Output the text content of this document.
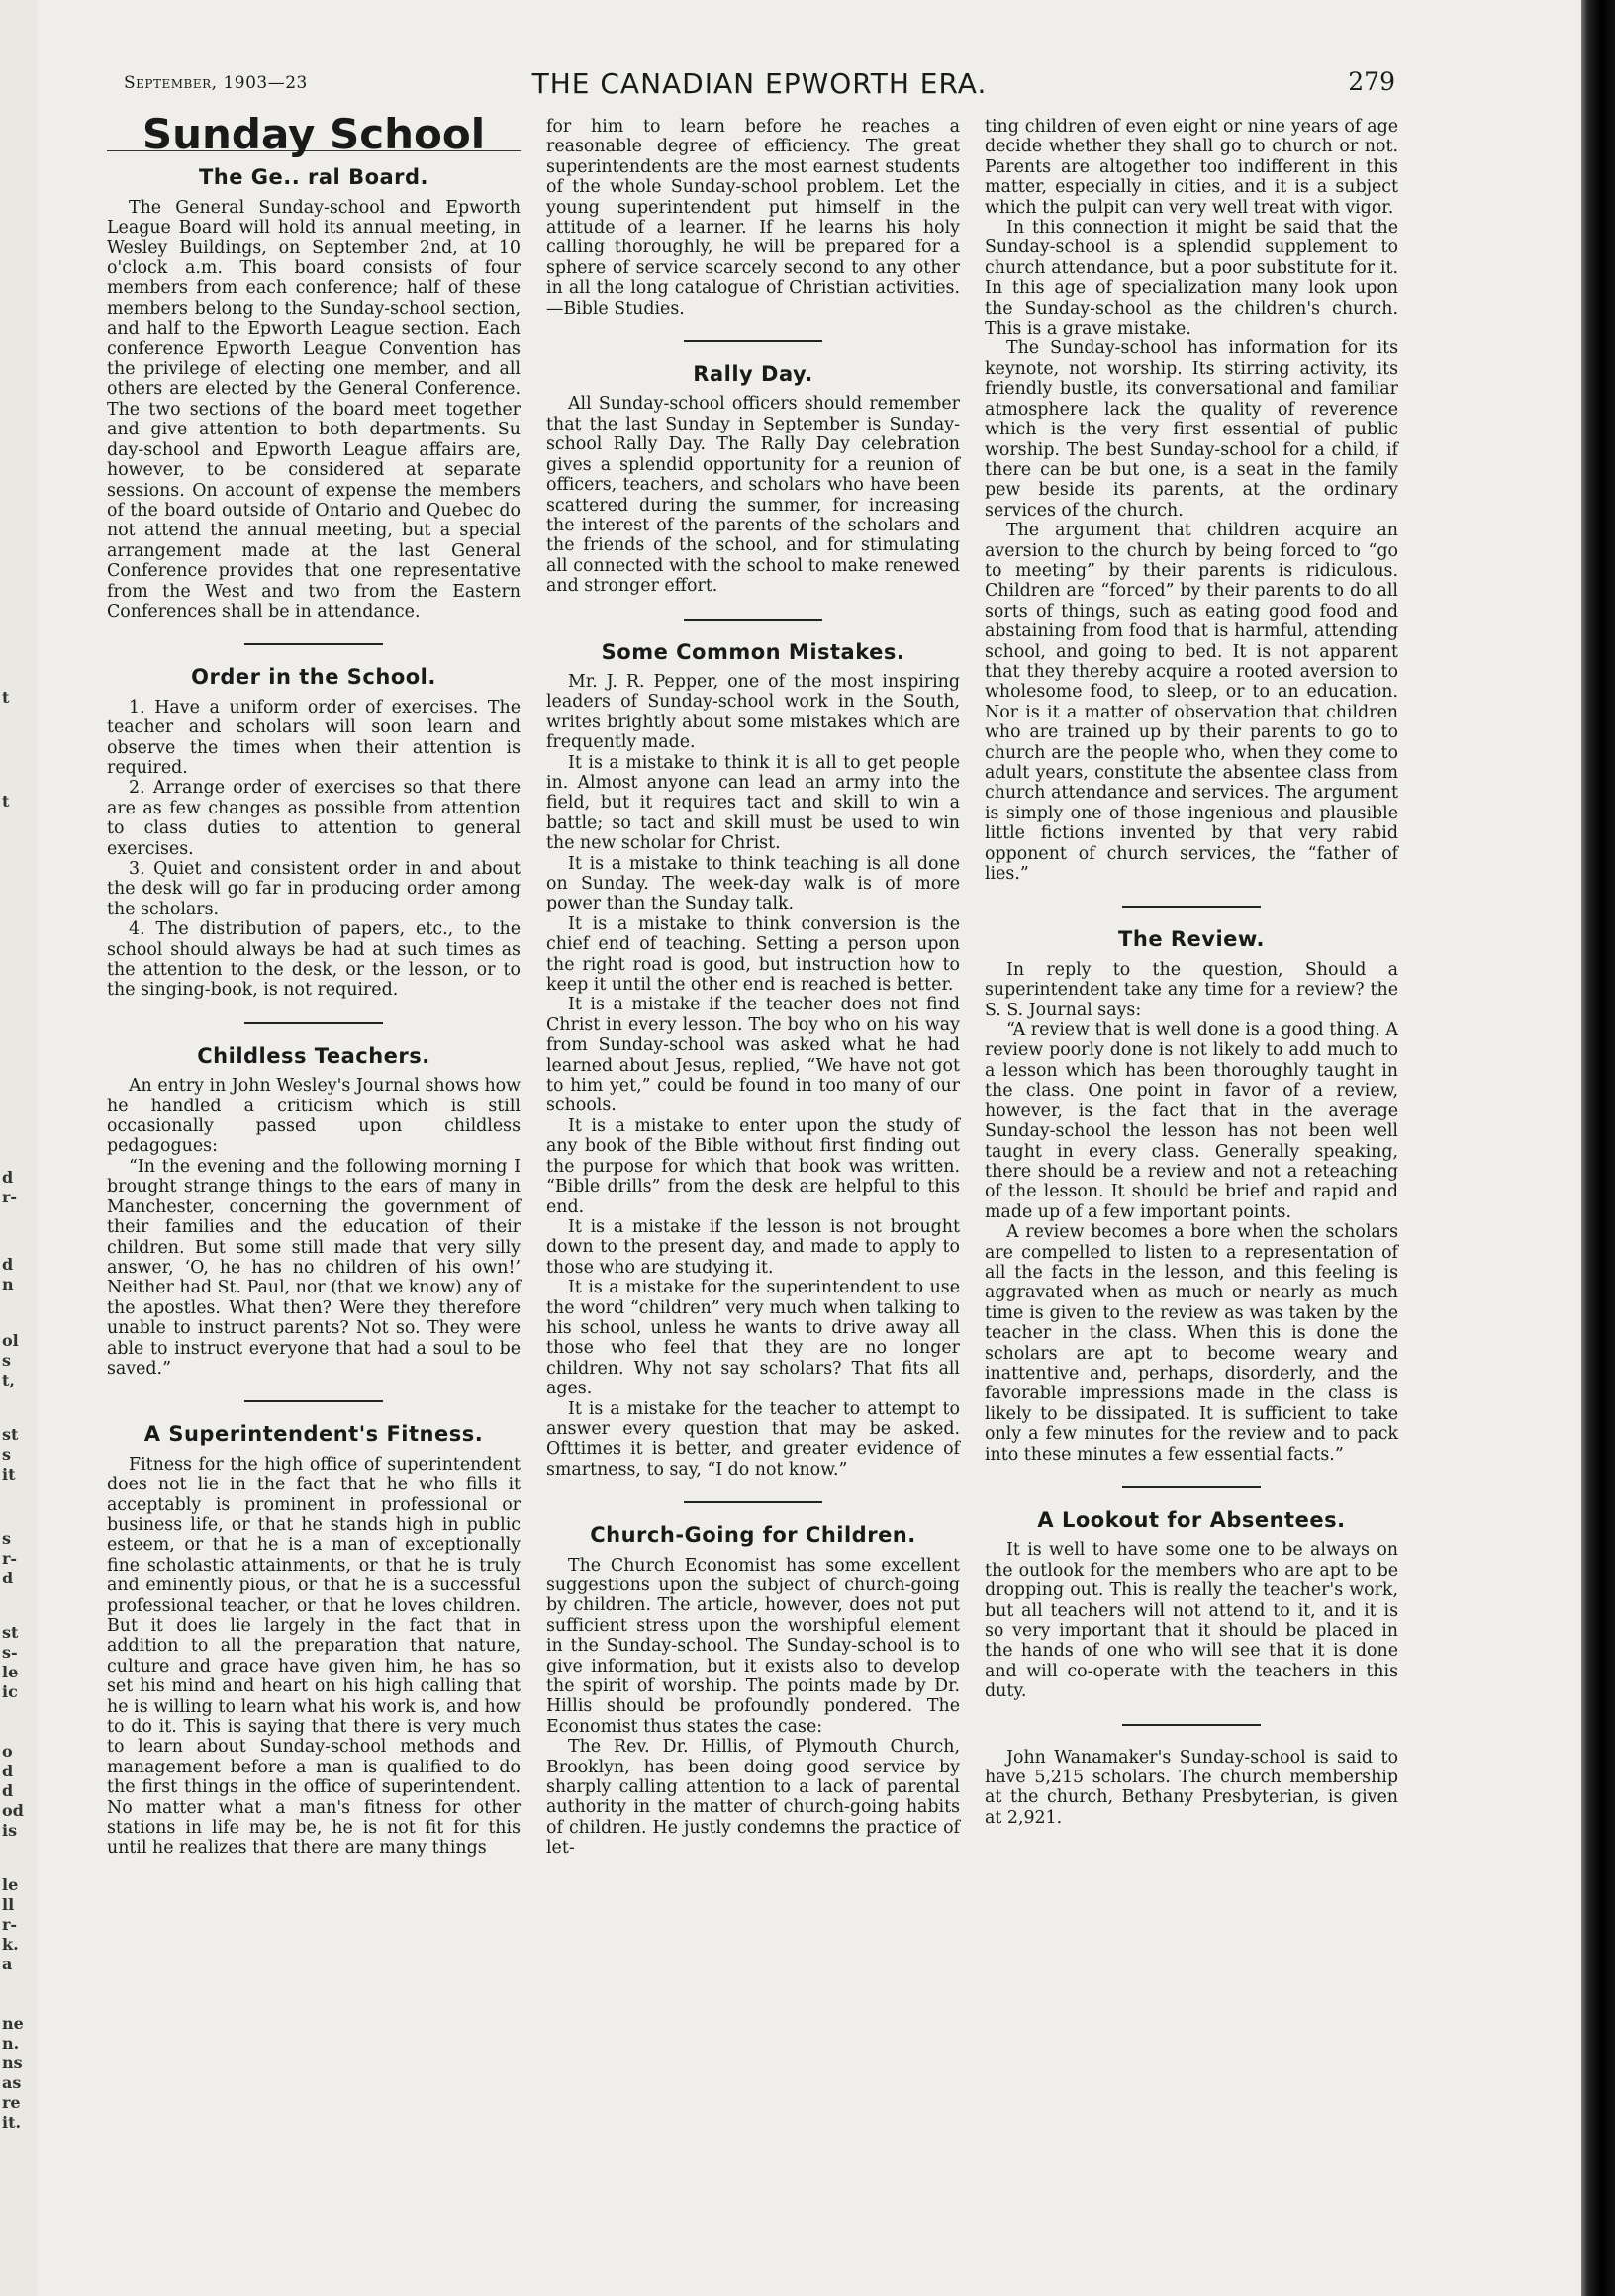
t
t
d
r-
d
n
ol
s
t,
st
s
it
s
r-
d
st
s-
le
ic
o
d
d
od
is
le
ll
r-
k.
a
ne
n.
ns
as
re
it.
September, 1903—23	THE CANADIAN EPWORTH ERA.	279
Sunday School
The Ge.. ral Board.

The General Sunday-school and Epworth League Board will hold its annual meeting, in Wesley Buildings, on September 2nd, at 10 o'clock a.m. This board consists of four members from each conference; half of these members belong to the Sunday-school section, and half to the Epworth League section. Each conference Epworth League Convention has the privilege of electing one member, and all others are elected by the General Conference. The two sections of the board meet together and give attention to both departments. Su day-school and Epworth League affairs are, however, to be considered at separate sessions. On account of expense the members of the board outside of Ontario and Quebec do not attend the annual meeting, but a special arrangement made at the last General Conference provides that one representative from the West and two from the Eastern Conferences shall be in attendance.

Order in the School.

1. Have a uniform order of exercises. The teacher and scholars will soon learn and observe the times when their attention is required.

2. Arrange order of exercises so that there are as few changes as possible from attention to class duties to attention to general exercises.

3. Quiet and consistent order in and about the desk will go far in producing order among the scholars.

4. The distribution of papers, etc., to the school should always be had at such times as the attention to the desk, or the lesson, or to the singing-book, is not required.

Childless Teachers.

An entry in John Wesley's Journal shows how he handled a criticism which is still occasionally passed upon childless pedagogues:

“In the evening and the following morning I brought strange things to the ears of many in Manchester, concerning the government of their families and the education of their children. But some still made that very silly answer, ‘O, he has no children of his own!’ Neither had St. Paul, nor (that we know) any of the apostles. What then? Were they therefore unable to instruct parents? Not so. They were able to instruct everyone that had a soul to be saved.”

A Superintendent's Fitness.

Fitness for the high office of superintendent does not lie in the fact that he who fills it acceptably is prominent in professional or business life, or that he stands high in public esteem, or that he is a man of exceptionally fine scholastic attainments, or that he is truly and eminently pious, or that he is a successful professional teacher, or that he loves children. But it does lie largely in the fact that in addition to all the preparation that nature, culture and grace have given him, he has so set his mind and heart on his high calling that he is willing to learn what his work is, and how to do it. This is saying that there is very much to learn about Sunday-school methods and management before a man is qualified to do the first things in the office of superintendent. No matter what a man's fitness for other stations in life may be, he is not fit for this until he realizes that there are many things

for him to learn before he reaches a reasonable degree of efficiency. The great superintendents are the most earnest students of the whole Sunday-school problem. Let the young superintendent put himself in the attitude of a learner. If he learns his holy calling thoroughly, he will be prepared for a sphere of service scarcely second to any other in all the long catalogue of Christian activities.—Bible Studies.

Rally Day.

All Sunday-school officers should remember that the last Sunday in September is Sunday-school Rally Day. The Rally Day celebration gives a splendid opportunity for a reunion of officers, teachers, and scholars who have been scattered during the summer, for increasing the interest of the parents of the scholars and the friends of the school, and for stimulating all connected with the school to make renewed and stronger effort.

Some Common Mistakes.

Mr. J. R. Pepper, one of the most inspiring leaders of Sunday-school work in the South, writes brightly about some mistakes which are frequently made.

It is a mistake to think it is all to get people in. Almost anyone can lead an army into the field, but it requires tact and skill to win a battle; so tact and skill must be used to win the new scholar for Christ.

It is a mistake to think teaching is all done on Sunday. The week-day walk is of more power than the Sunday talk.

It is a mistake to think conversion is the chief end of teaching. Setting a person upon the right road is good, but instruction how to keep it until the other end is reached is better.

It is a mistake if the teacher does not find Christ in every lesson. The boy who on his way from Sunday-school was asked what he had learned about Jesus, replied, “We have not got to him yet,” could be found in too many of our schools.

It is a mistake to enter upon the study of any book of the Bible without first finding out the purpose for which that book was written. “Bible drills” from the desk are helpful to this end.

It is a mistake if the lesson is not brought down to the present day, and made to apply to those who are studying it.

It is a mistake for the superintendent to use the word “children” very much when talking to his school, unless he wants to drive away all those who feel that they are no longer children. Why not say scholars? That fits all ages.

It is a mistake for the teacher to attempt to answer every question that may be asked. Ofttimes it is better, and greater evidence of smartness, to say, “I do not know.”

Church-Going for Children.

The Church Economist has some excellent suggestions upon the subject of church-going by children. The article, however, does not put sufficient stress upon the worshipful element in the Sunday-school. The Sunday-school is to give information, but it exists also to develop the spirit of worship. The points made by Dr. Hillis should be profoundly pondered. The Economist thus states the case:

The Rev. Dr. Hillis, of Plymouth Church, Brooklyn, has been doing good service by sharply calling attention to a lack of parental authority in the matter of church-going habits of children. He justly condemns the practice of let-

ting children of even eight or nine years of age decide whether they shall go to church or not. Parents are altogether too indifferent in this matter, especially in cities, and it is a subject which the pulpit can very well treat with vigor.

In this connection it might be said that the Sunday-school is a splendid supplement to church attendance, but a poor substitute for it. In this age of specialization many look upon the Sunday-school as the children's church. This is a grave mistake.

The Sunday-school has information for its keynote, not worship. Its stirring activity, its friendly bustle, its conversational and familiar atmosphere lack the quality of reverence which is the very first essential of public worship. The best Sunday-school for a child, if there can be but one, is a seat in the family pew beside its parents, at the ordinary services of the church.

The argument that children acquire an aversion to the church by being forced to “go to meeting” by their parents is ridiculous. Children are “forced” by their parents to do all sorts of things, such as eating good food and abstaining from food that is harmful, attending school, and going to bed. It is not apparent that they thereby acquire a rooted aversion to wholesome food, to sleep, or to an education. Nor is it a matter of observation that children who are trained up by their parents to go to church are the people who, when they come to adult years, constitute the absentee class from church attendance and services. The argument is simply one of those ingenious and plausible little fictions invented by that very rabid opponent of church services, the “father of lies.”

The Review.

In reply to the question, Should a superintendent take any time for a review? the S. S. Journal says:

“A review that is well done is a good thing. A review poorly done is not likely to add much to a lesson which has been thoroughly taught in the class. One point in favor of a review, however, is the fact that in the average Sunday-school the lesson has not been well taught in every class. Generally speaking, there should be a review and not a reteaching of the lesson. It should be brief and rapid and made up of a few important points.

A review becomes a bore when the scholars are compelled to listen to a representation of all the facts in the lesson, and this feeling is aggravated when as much or nearly as much time is given to the review as was taken by the teacher in the class. When this is done the scholars are apt to become weary and inattentive and, perhaps, disorderly, and the favorable impressions made in the class is likely to be dissipated. It is sufficient to take only a few minutes for the review and to pack into these minutes a few essential facts.”

A Lookout for Absentees.

It is well to have some one to be always on the outlook for the members who are apt to be dropping out. This is really the teacher's work, but all teachers will not attend to it, and it is so very important that it should be placed in the hands of one who will see that it is done and will co-operate with the teachers in this duty.

John Wanamaker's Sunday-school is said to have 5,215 scholars. The church membership at the church, Bethany Presbyterian, is given at 2,921.
